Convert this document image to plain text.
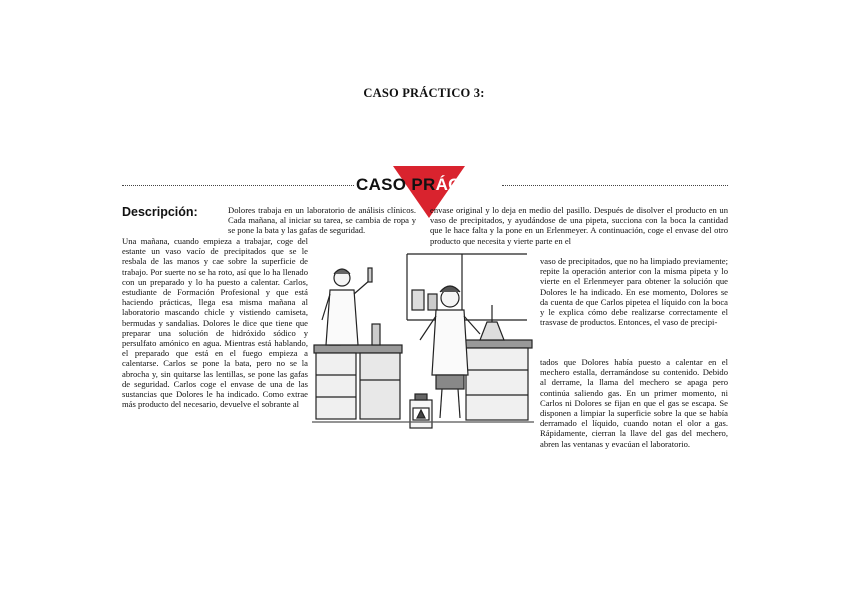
CASO PRÁCTICO 3:
CASO PRÁCTICO
Descripción:	Dolores trabaja en un laboratorio de análisis clínicos. Cada mañana, al iniciar su tarea, se cambia de ropa y se pone la bata y las gafas de seguridad.

Una mañana, cuando empieza a trabajar, coge del estante un vaso vacío de precipitados que se le resbala de las manos y cae sobre la superficie de trabajo. Por suerte no se ha roto, así que lo ha llenado con un preparado y lo ha puesto a calentar. Carlos, estudiante de Formación Profesional y que está haciendo prácticas, llega esa misma mañana al laboratorio mascando chicle y vistiendo camiseta, bermudas y sandalias. Dolores le dice que tiene que preparar una solución de hidróxido sódico y persulfato amónico en agua. Mientras está hablando, el preparado que está en el fuego empieza a calentarse. Carlos se pone la bata, pero no se la abrocha y, sin quitarse las lentillas, se pone las gafas de seguridad. Carlos coge el envase de una de las sustancias que Dolores le ha indicado. Como extrae más producto del necesario, devuelve el sobrante al

envase original y lo deja en medio del pasillo. Después de disolver el producto en un vaso de precipitados, y ayudándose de una pipeta, succiona con la boca la cantidad que le hace falta y la pone en un Erlenmeyer. A continuación, coge el envase del otro producto que necesita y vierte parte en el

vaso de precipitados, que no ha limpiado previamente; repite la operación anterior con la misma pipeta y lo vierte en el Erlenmeyer para obtener la solución que Dolores le ha indicado. En ese momento, Dolores se da cuenta de que Carlos pipetea el líquido con la boca y le explica cómo debe realizarse correctamente el trasvase de productos. Entonces, el vaso de precipi-

tados que Dolores había puesto a calentar en el mechero estalla, derramándose su contenido. Debido al derrame, la llama del mechero se apaga pero continúa saliendo gas. En un primer momento, ni Carlos ni Dolores se fijan en que el gas se escapa. Se disponen a limpiar la superficie sobre la que se había derramado el líquido, cuando notan el olor a gas. Rápidamente, cierran la llave del gas del mechero, abren las ventanas y evacúan el laboratorio.
